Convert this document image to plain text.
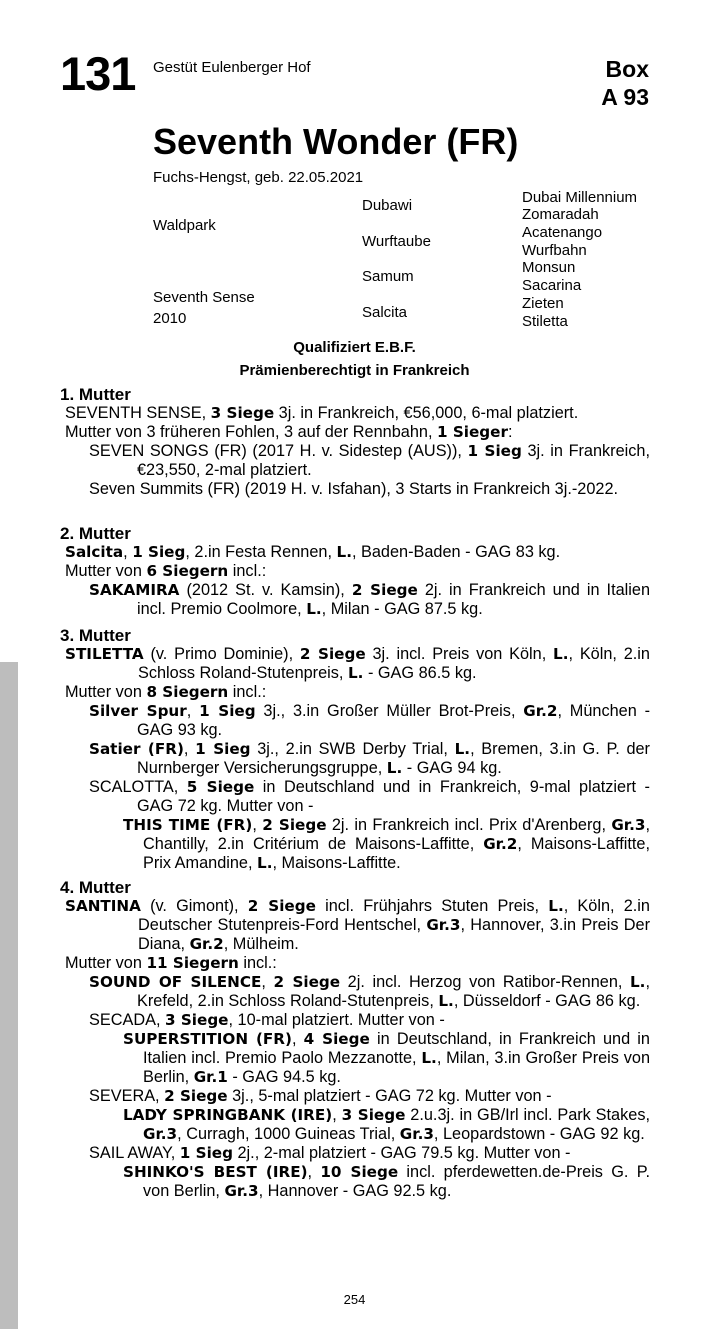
131 Gestüt Eulenberger Hof	Box
A 93
Seventh Wonder (FR)
Fuchs-Hengst, geb. 22.05.2021
Waldpark
Seventh Sense
2010
Dubawi
Wurftaube
Samum
Salcita
Dubai Millennium
Zomaradah
Acatenango
Wurfbahn
Monsun
Sacarina
Zieten
Stiletta
Qualifiziert E.B.F.
Prämienberechtigt in Frankreich
1. Mutter

SEVENTH SENSE, 3 Siege 3j. in Frankreich, €56,000, 6-mal platziert.

Mutter von 3 früheren Fohlen, 3 auf der Rennbahn, 1 Sieger:

SEVEN SONGS (FR) (2017 H. v. Sidestep (AUS)), 1 Sieg 3j. in Frankreich, €23,550, 2-mal platziert.

Seven Summits (FR) (2019 H. v. Isfahan), 3 Starts in Frankreich 3j.-2022.

2. Mutter

Salcita, 1 Sieg, 2.in Festa Rennen, L., Baden-Baden - GAG 83 kg.

Mutter von 6 Siegern incl.:

SAKAMIRA (2012 St. v. Kamsin), 2 Siege 2j. in Frankreich und in Italien incl. Premio Coolmore, L., Milan - GAG 87.5 kg.

3. Mutter

STILETTA (v. Primo Dominie), 2 Siege 3j. incl. Preis von Köln, L., Köln, 2.in Schloss Roland-Stutenpreis, L. - GAG 86.5 kg.

Mutter von 8 Siegern incl.:

Silver Spur, 1 Sieg 3j., 3.in Großer Müller Brot-Preis, Gr.2, München - GAG 93 kg.

Satier (FR), 1 Sieg 3j., 2.in SWB Derby Trial, L., Bremen, 3.in G. P. der Nurnberger Versicherungsgruppe, L. - GAG 94 kg.

SCALOTTA, 5 Siege in Deutschland und in Frankreich, 9-mal platziert - GAG 72 kg. Mutter von -

THIS TIME (FR), 2 Siege 2j. in Frankreich incl. Prix d'Arenberg, Gr.3, Chantilly, 2.in Critérium de Maisons-Laffitte, Gr.2, Maisons-Laffitte, Prix Amandine, L., Maisons-Laffitte.

4. Mutter

SANTINA (v. Gimont), 2 Siege incl. Frühjahrs Stuten Preis, L., Köln, 2.in Deutscher Stutenpreis-Ford Hentschel, Gr.3, Hannover, 3.in Preis Der Diana, Gr.2, Mülheim.

Mutter von 11 Siegern incl.:

SOUND OF SILENCE, 2 Siege 2j. incl. Herzog von Ratibor-Rennen, L., Krefeld, 2.in Schloss Roland-Stutenpreis, L., Düsseldorf - GAG 86 kg.

SECADA, 3 Siege, 10-mal platziert. Mutter von -

SUPERSTITION (FR), 4 Siege in Deutschland, in Frankreich und in Italien incl. Premio Paolo Mezzanotte, L., Milan, 3.in Großer Preis von Berlin, Gr.1 - GAG 94.5 kg.

SEVERA, 2 Siege 3j., 5-mal platziert - GAG 72 kg. Mutter von -

LADY SPRINGBANK (IRE), 3 Siege 2.u.3j. in GB/Irl incl. Park Stakes, Gr.3, Curragh, 1000 Guineas Trial, Gr.3, Leopardstown - GAG 92 kg.

SAIL AWAY, 1 Sieg 2j., 2-mal platziert - GAG 79.5 kg. Mutter von -

SHINKO'S BEST (IRE), 10 Siege incl. pferdewetten.de-Preis G. P. von Berlin, Gr.3, Hannover - GAG 92.5 kg.

254
